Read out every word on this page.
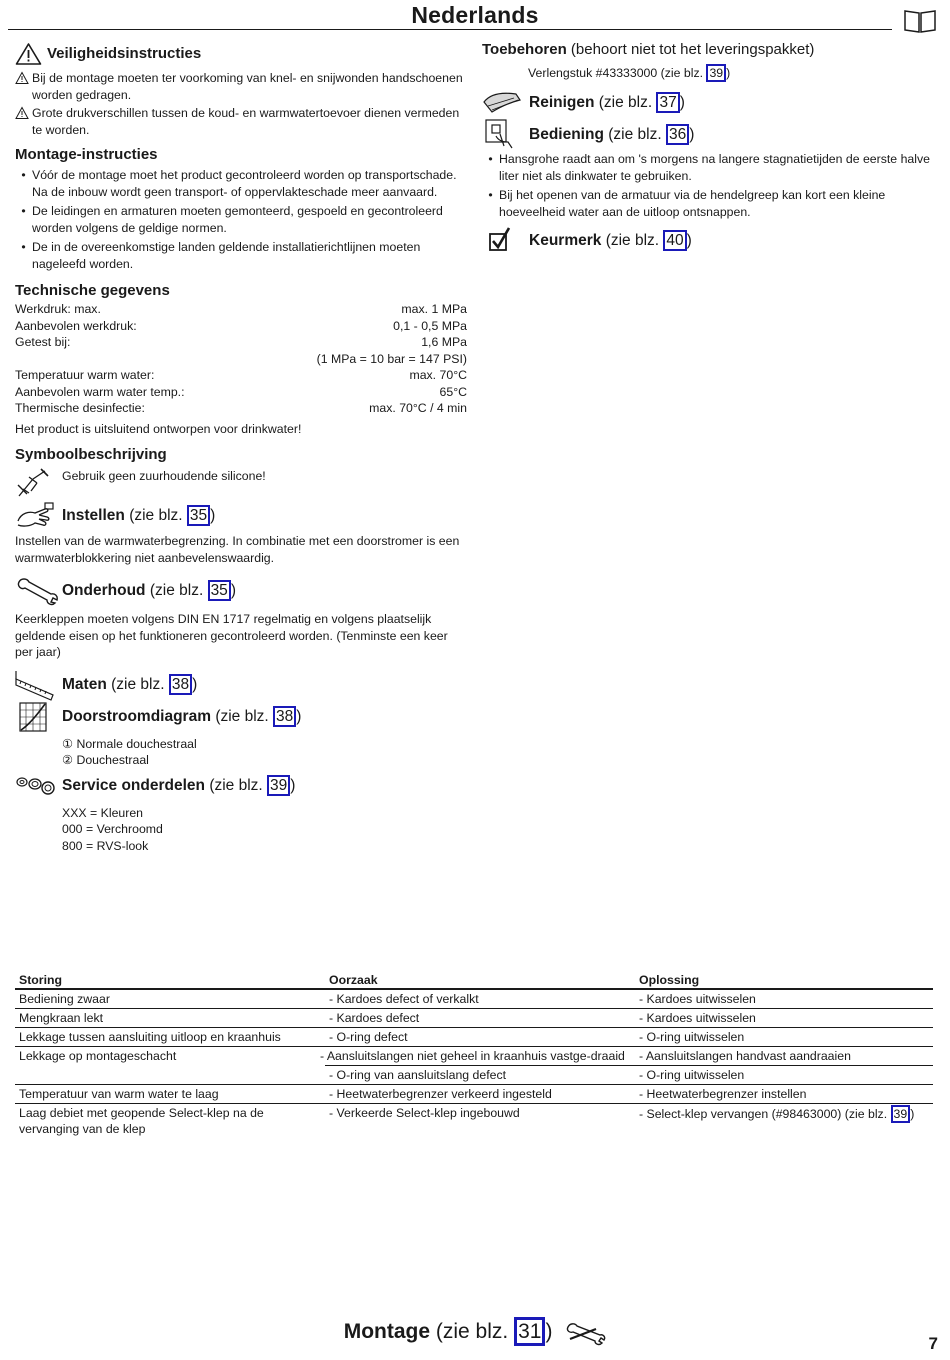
Nederlands
Veiligheidsinstructies
Bij de montage moeten ter voorkoming van knel- en snijwonden handschoenen worden gedragen.
Grote drukverschillen tussen de koud- en warmwatertoevoer dienen vermeden te worden.
Montage-instructies
• Vóór de montage moet het product gecontroleerd worden op transportschade. Na de inbouw wordt geen transport- of oppervlakteschade meer aanvaard.
• De leidingen en armaturen moeten gemonteerd, gespoeld en gecontroleerd worden volgens de geldige normen.
• De in de overeenkomstige landen geldende installatierichtlijnen moeten nageleefd worden.
Technische gegevens
Werkdruk: max.	max. 1 MPa
Aanbevolen werkdruk:	0,1 - 0,5 MPa
Getest bij:	1,6 MPa
(1 MPa = 10 bar = 147 PSI)
Temperatuur warm water:	max. 70°C
Aanbevolen warm water temp.:	65°C
Thermische desinfectie:	max. 70°C / 4 min
Het product is uitsluitend ontworpen voor drinkwater!
Symboolbeschrijving
Gebruik geen zuurhoudende silicone!
Instellen (zie blz. 35 )
Instellen van de warmwaterbegrenzing. In combinatie met een doorstromer is een warmwaterblokkering niet aanbevelenswaardig.
Onderhoud (zie blz. 35 )
Keerkleppen moeten volgens DIN EN 1717 regelmatig en volgens plaatselijk geldende eisen op het funktioneren gecontroleerd worden. (Tenminste een keer per jaar)
Maten (zie blz. 38 )
Doorstroomdiagram (zie blz. 38 )
① Normale douchestraal
② Douchestraal
Service onderdelen (zie blz. 39 )
XXX = Kleuren
000 = Verchroomd
800 = RVS-look
Toebehoren (behoort niet tot het leveringspakket)
Verlengstuk #43333000 (zie blz. 39 )
Reinigen (zie blz. 37 )
Bediening (zie blz. 36 )
• Hansgrohe raadt aan om 's morgens na langere stagnatietijden de eerste halve liter niet als dinkwater te gebruiken.
• Bij het openen van de armatuur via de hendelgreep kan kort een kleine hoeveelheid water aan de uitloop ontsnappen.
Keurmerk (zie blz. 40 )
Storing	Oorzaak	Oplossing
Bediening zwaar	- Kardoes defect of verkalkt	- Kardoes uitwisselen
Mengkraan lekt	- Kardoes defect	- Kardoes uitwisselen
Lekkage tussen aansluiting uitloop en kraanhuis	- O-ring defect	- O-ring uitwisselen
Lekkage op montageschacht	- Aansluitslangen niet geheel in kraanhuis vastge-draaid	- Aansluitslangen handvast aandraaien
	- O-ring van aansluitslang defect	- O-ring uitwisselen
Temperatuur van warm water te laag	- Heetwaterbegrenzer verkeerd ingesteld	- Heetwaterbegrenzer instellen
Laag debiet met geopende Select-klep na de vervanging van de klep	- Verkeerde Select-klep ingebouwd	- Select-klep vervangen (#98463000) (zie blz. 39 )
Montage (zie blz. 31 )
7
